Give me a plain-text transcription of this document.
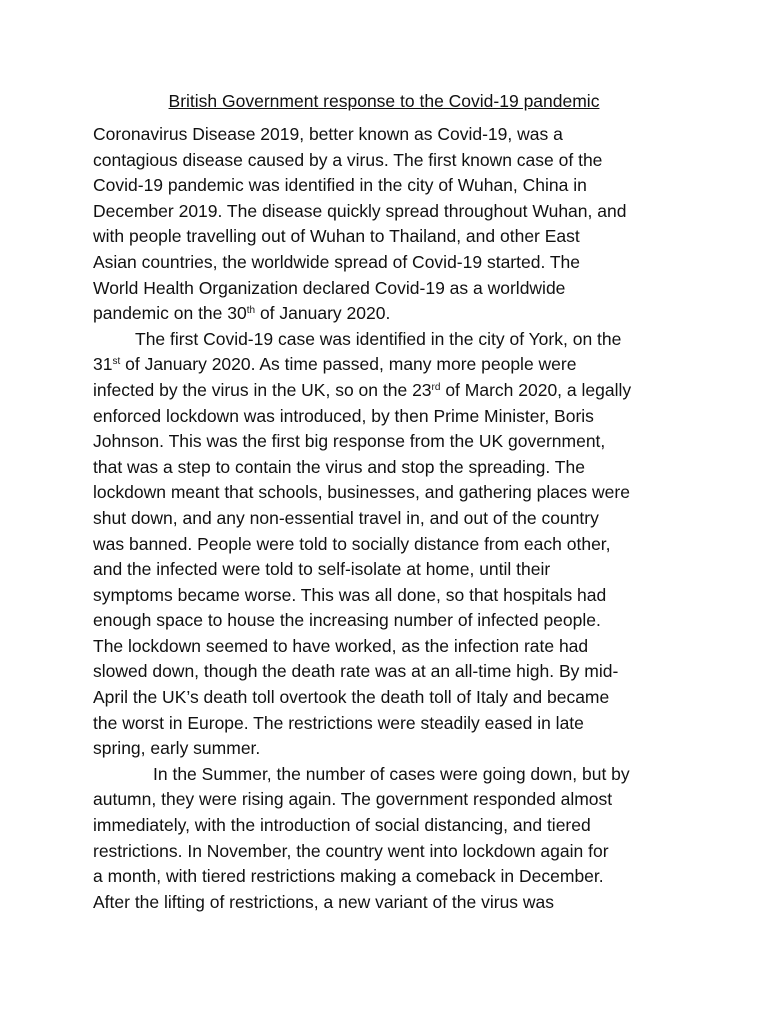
British Government response to the Covid-19 pandemic
Coronavirus Disease 2019, better known as Covid-19, was a
contagious disease caused by a virus. The first known case of the
Covid-19 pandemic was identified in the city of Wuhan, China in
December 2019. The disease quickly spread throughout Wuhan, and
with people travelling out of Wuhan to Thailand, and other East
Asian countries, the worldwide spread of Covid-19 started. The
World Health Organization declared Covid-19 as a worldwide
pandemic on the 30th of January 2020.
The first Covid-19 case was identified in the city of York, on the
31st of January 2020. As time passed, many more people were
infected by the virus in the UK, so on the 23rd of March 2020, a legally
enforced lockdown was introduced, by then Prime Minister, Boris
Johnson. This was the first big response from the UK government,
that was a step to contain the virus and stop the spreading. The
lockdown meant that schools, businesses, and gathering places were
shut down, and any non-essential travel in, and out of the country
was banned. People were told to socially distance from each other,
and the infected were told to self-isolate at home, until their
symptoms became worse. This was all done, so that hospitals had
enough space to house the increasing number of infected people.
The lockdown seemed to have worked, as the infection rate had
slowed down, though the death rate was at an all-time high. By mid-
April the UK’s death toll overtook the death toll of Italy and became
the worst in Europe. The restrictions were steadily eased in late
spring, early summer.
In the Summer, the number of cases were going down, but by
autumn, they were rising again. The government responded almost
immediately, with the introduction of social distancing, and tiered
restrictions. In November, the country went into lockdown again for
a month, with tiered restrictions making a comeback in December.
After the lifting of restrictions, a new variant of the virus was
